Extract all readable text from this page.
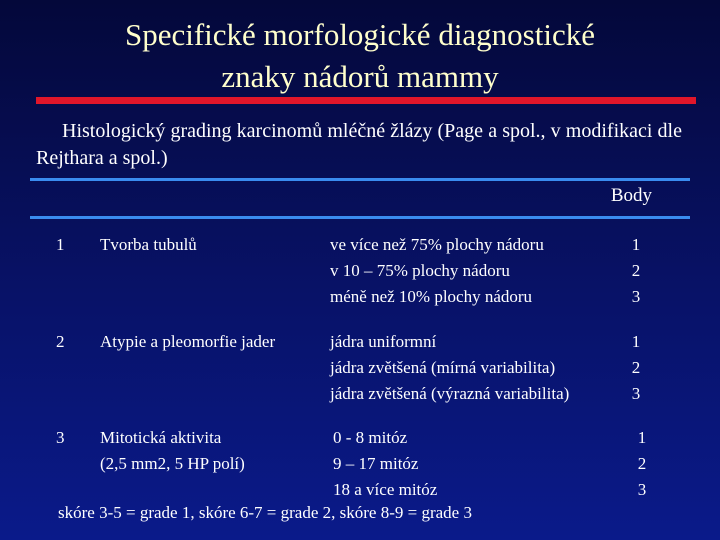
Specifické morfologické diagnostické
znaky nádorů mammy
Histologický grading karcinomů mléčné žlázy (Page a spol., v modifikaci dle Rejthara a spol.)
Body
1 Tvorba tubulů	ve více než 75% plochy nádoru
v 10 – 75% plochy nádoru
méně než 10% plochy nádoru
1
2
3
2 Atypie a pleomorfie jader	jádra uniformní
jádra zvětšená (mírná variabilita)
jádra zvětšená (výrazná variabilita)
1
2
3
3 Mitotická aktivita
(2,5 mm2, 5 HP polí)
0 - 8 mitóz
9 – 17 mitóz
18 a více mitóz
1
2
3
skóre 3-5 = grade 1, skóre 6-7 = grade 2, skóre 8-9 = grade 3
